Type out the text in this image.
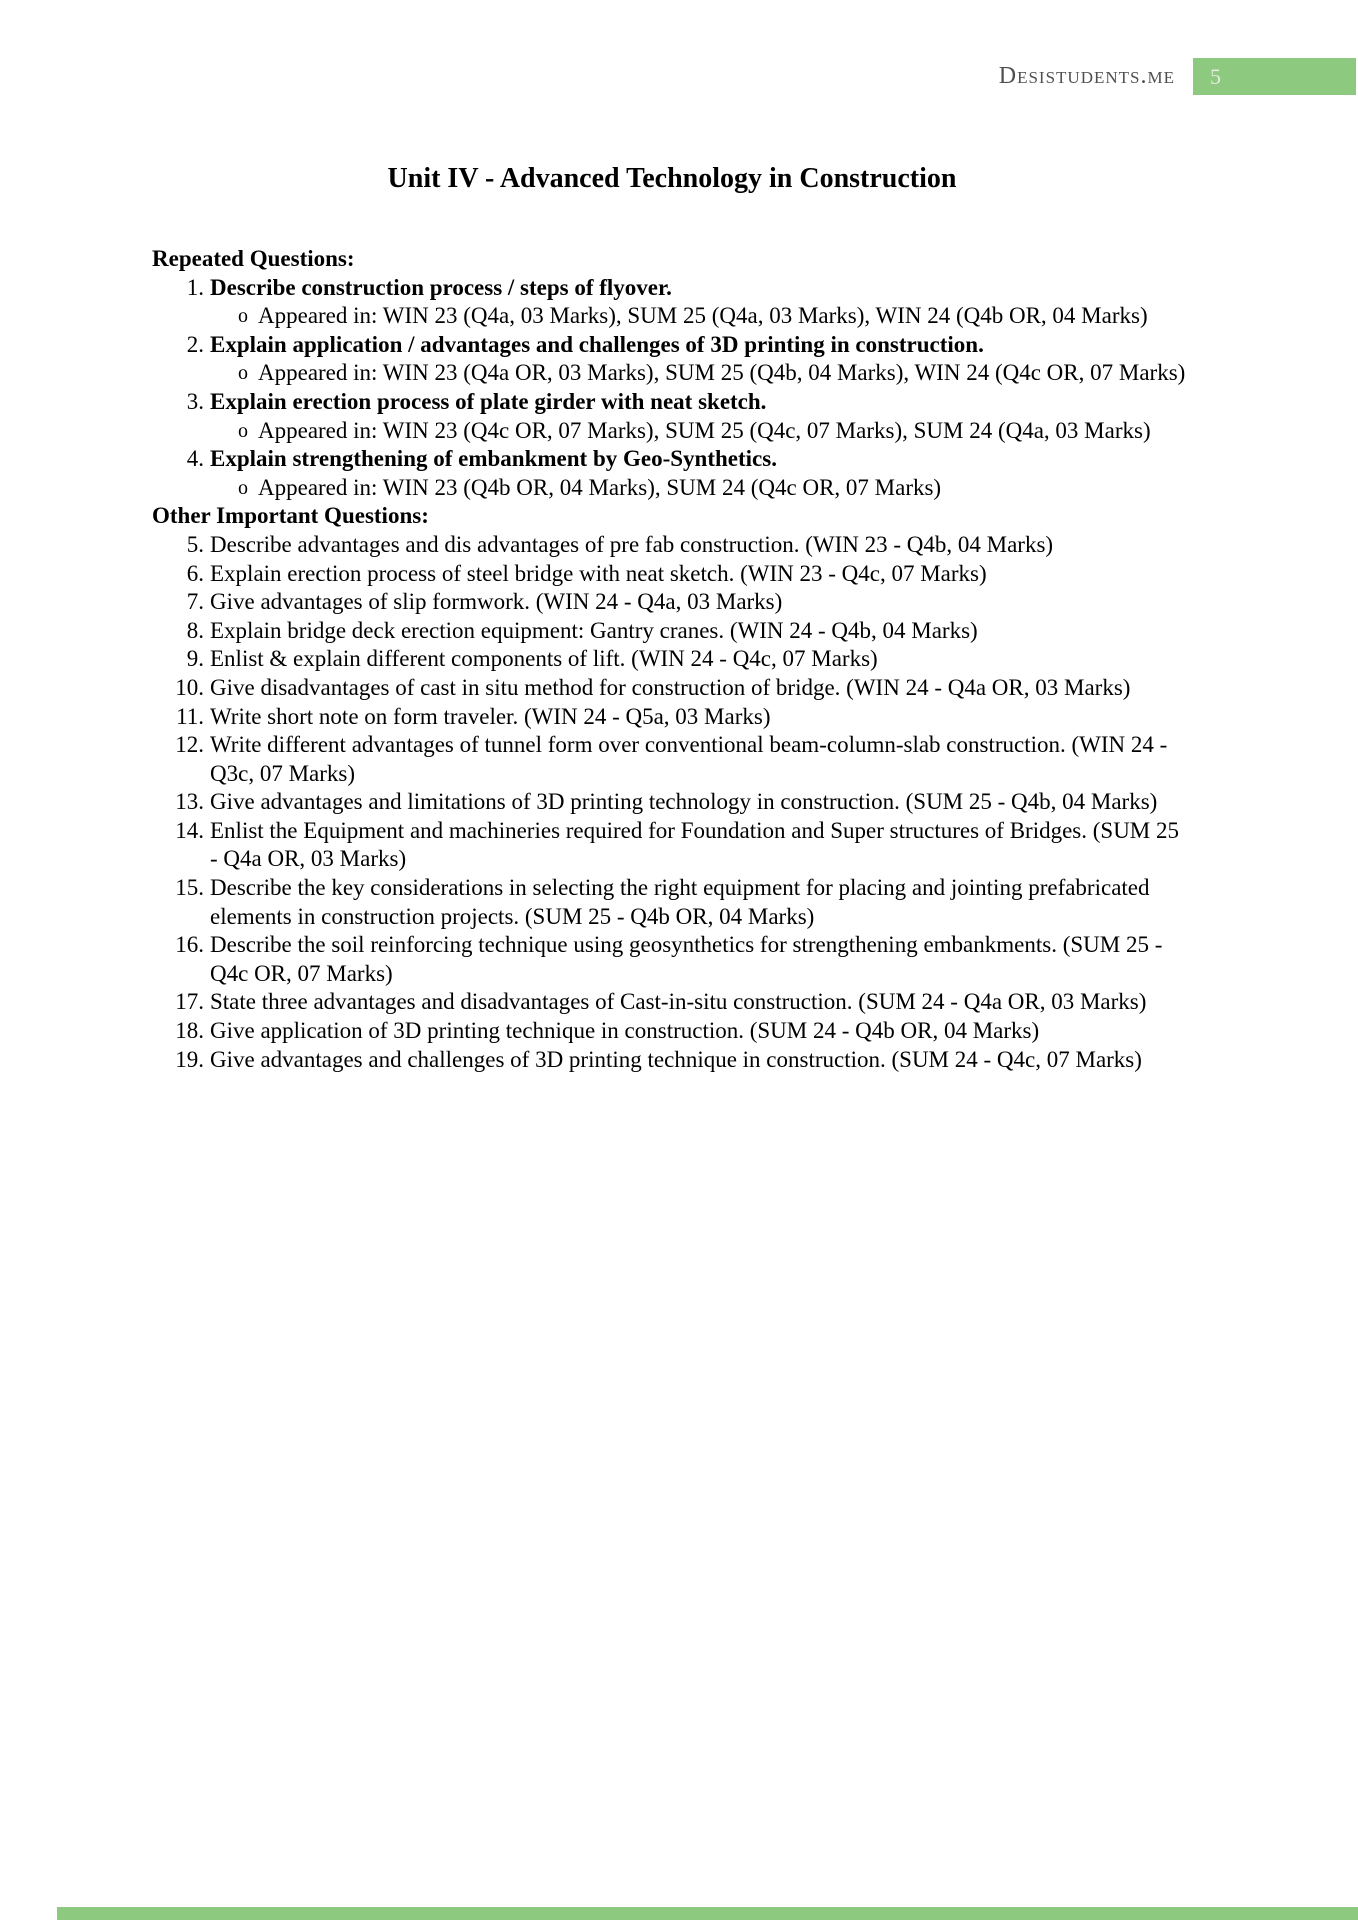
Desistudents.me 5
Unit IV - Advanced Technology in Construction
Repeated Questions:
1. Describe construction process / steps of flyover.
o Appeared in: WIN 23 (Q4a, 03 Marks), SUM 25 (Q4a, 03 Marks), WIN 24 (Q4b OR, 04 Marks)
2. Explain application / advantages and challenges of 3D printing in construction.
o Appeared in: WIN 23 (Q4a OR, 03 Marks), SUM 25 (Q4b, 04 Marks), WIN 24 (Q4c OR, 07 Marks)
3. Explain erection process of plate girder with neat sketch.
o Appeared in: WIN 23 (Q4c OR, 07 Marks), SUM 25 (Q4c, 07 Marks), SUM 24 (Q4a, 03 Marks)
4. Explain strengthening of embankment by Geo-Synthetics.
o Appeared in: WIN 23 (Q4b OR, 04 Marks), SUM 24 (Q4c OR, 07 Marks)
Other Important Questions:
5. Describe advantages and dis advantages of pre fab construction. (WIN 23 - Q4b, 04 Marks)
6. Explain erection process of steel bridge with neat sketch. (WIN 23 - Q4c, 07 Marks)
7. Give advantages of slip formwork. (WIN 24 - Q4a, 03 Marks)
8. Explain bridge deck erection equipment: Gantry cranes. (WIN 24 - Q4b, 04 Marks)
9. Enlist & explain different components of lift. (WIN 24 - Q4c, 07 Marks)
10. Give disadvantages of cast in situ method for construction of bridge. (WIN 24 - Q4a OR, 03 Marks)
11. Write short note on form traveler. (WIN 24 - Q5a, 03 Marks)
12. Write different advantages of tunnel form over conventional beam-column-slab construction. (WIN 24 - Q3c, 07 Marks)
13. Give advantages and limitations of 3D printing technology in construction. (SUM 25 - Q4b, 04 Marks)
14. Enlist the Equipment and machineries required for Foundation and Super structures of Bridges. (SUM 25 - Q4a OR, 03 Marks)
15. Describe the key considerations in selecting the right equipment for placing and jointing prefabricated elements in construction projects. (SUM 25 - Q4b OR, 04 Marks)
16. Describe the soil reinforcing technique using geosynthetics for strengthening embankments. (SUM 25 - Q4c OR, 07 Marks)
17. State three advantages and disadvantages of Cast-in-situ construction. (SUM 24 - Q4a OR, 03 Marks)
18. Give application of 3D printing technique in construction. (SUM 24 - Q4b OR, 04 Marks)
19. Give advantages and challenges of 3D printing technique in construction. (SUM 24 - Q4c, 07 Marks)
